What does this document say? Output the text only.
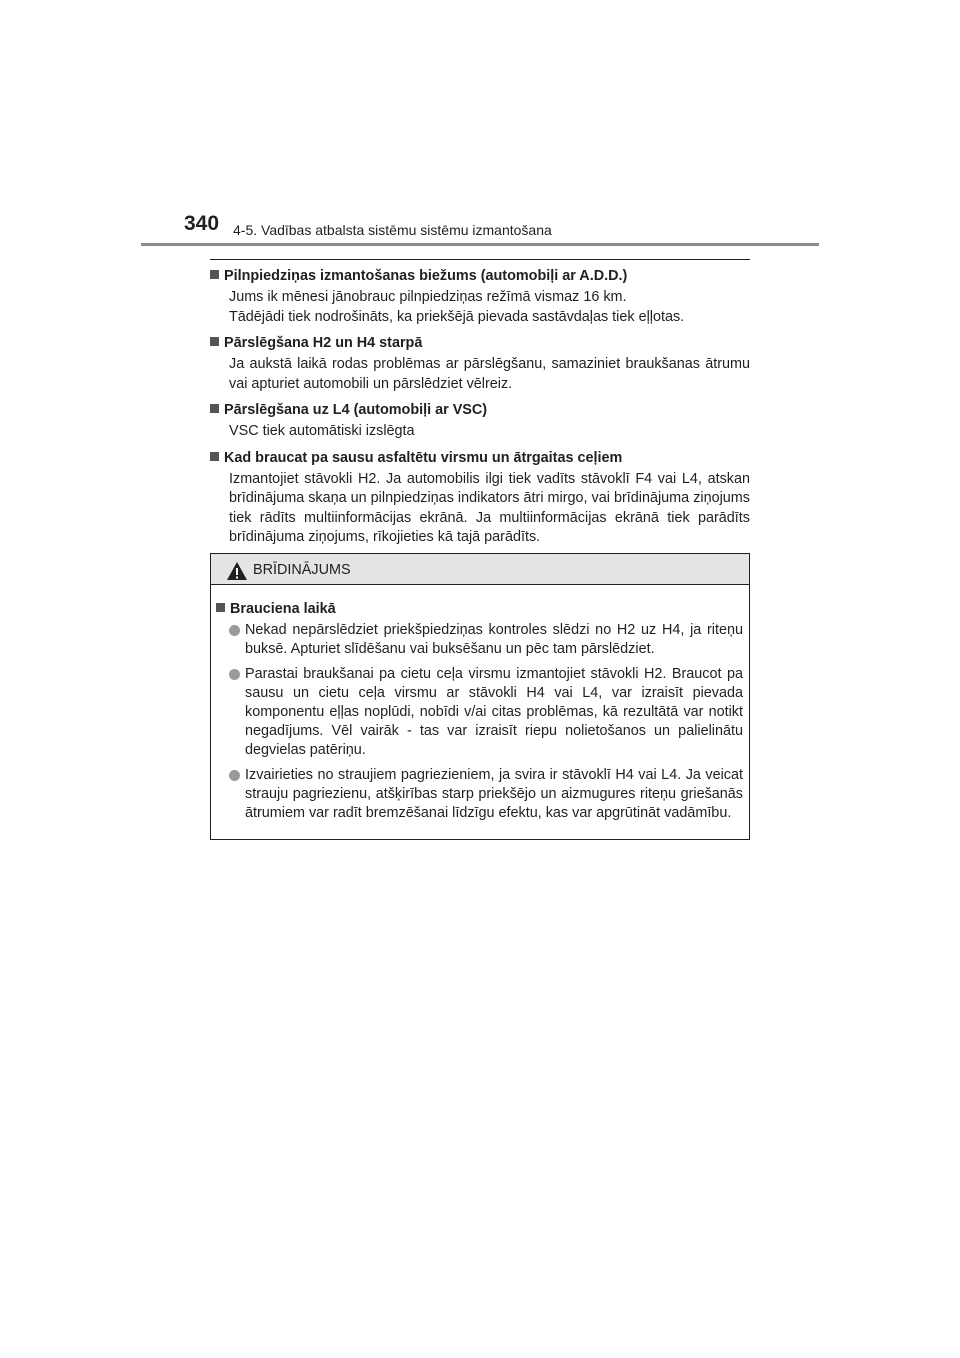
340 4-5. Vadības atbalsta sistēmu sistēmu izmantošana
Pilnpiedziņas izmantošanas biežums (automobiļi ar A.D.D.)
Jums ik mēnesi jānobrauc pilnpiedziņas režīmā vismaz 16 km.
Tādējādi tiek nodrošināts, ka priekšējā pievada sastāvdaļas tiek eļļotas.
Pārslēgšana H2 un H4 starpā
Ja aukstā laikā rodas problēmas ar pārslēgšanu, samaziniet braukšanas ātrumu vai apturiet automobili un pārslēdziet vēlreiz.
Pārslēgšana uz L4 (automobiļi ar VSC)
VSC tiek automātiski izslēgta
Kad braucat pa sausu asfaltētu virsmu un ātrgaitas ceļiem
Izmantojiet stāvokli H2. Ja automobilis ilgi tiek vadīts stāvoklī F4 vai L4, atskan brīdinājuma skaņa un pilnpiedziņas indikators ātri mirgo, vai brīdinājuma ziņojums tiek rādīts multiinformācijas ekrānā. Ja multiinformācijas ekrānā tiek parādīts brīdinājuma ziņojums, rīkojieties kā tajā parādīts.
BRĪDINĀJUMS
Brauciena laikā
Nekad nepārslēdziet priekšpiedziņas kontroles slēdzi no H2 uz H4, ja riteņu buksē. Apturiet slīdēšanu vai buksēšanu un pēc tam pārslēdziet.
Parastai braukšanai pa cietu ceļa virsmu izmantojiet stāvokli H2. Braucot pa sausu un cietu ceļa virsmu ar stāvokli H4 vai L4, var izraisīt pievada komponentu eļļas noplūdi, nobīdi v/ai citas problēmas, kā rezultātā var notikt negadījums. Vēl vairāk - tas var izraisīt riepu nolietošanos un palielinātu degvielas patēriņu.
Izvairieties no straujiem pagriezieniem, ja svira ir stāvoklī H4 vai L4. Ja veicat strauju pagriezienu, atšķirības starp priekšējo un aizmugures riteņu griešanās ātrumiem var radīt bremzēšanai līdzīgu efektu, kas var apgrūtināt vadāmību.
